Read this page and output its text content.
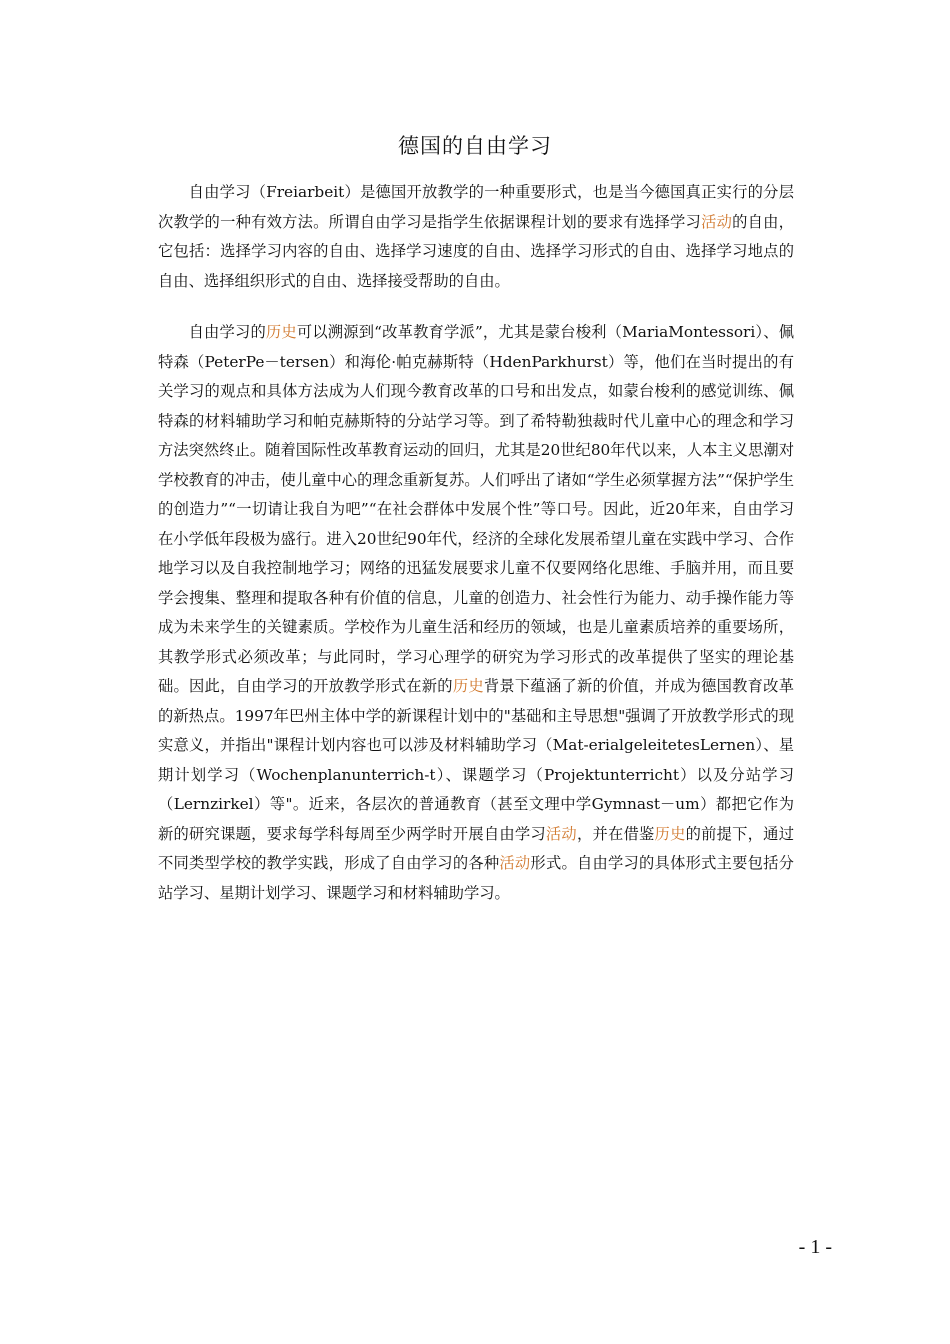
德国的自由学习

自由学习（Freiarbeit）是德国开放教学的一种重要形式，也是当今德国真正实行的分层次教学的一种有效方法。所谓自由学习是指学生依据课程计划的要求有选择学习活动的自由，它包括：选择学习内容的自由、选择学习速度的自由、选择学习形式的自由、选择学习地点的自由、选择组织形式的自由、选择接受帮助的自由。

自由学习的历史可以溯源到“改革教育学派”，尤其是蒙台梭利（MariaMontessori）、佩特森（PeterPe－tersen）和海伦·帕克赫斯特（HdenParkhurst）等，他们在当时提出的有关学习的观点和具体方法成为人们现今教育改革的口号和出发点，如蒙台梭利的感觉训练、佩特森的材料辅助学习和帕克赫斯特的分站学习等。到了希特勒独裁时代儿童中心的理念和学习方法突然终止。随着国际性改革教育运动的回归，尤其是20世纪80年代以来，人本主义思潮对学校教育的冲击，使儿童中心的理念重新复苏。人们呼出了诸如“学生必须掌握方法”“保护学生的创造力”“一切请让我自为吧”“在社会群体中发展个性”等口号。因此，近20年来，自由学习在小学低年段极为盛行。进入20世纪90年代，经济的全球化发展希望儿童在实践中学习、合作地学习以及自我控制地学习；网络的迅猛发展要求儿童不仅要网络化思维、手脑并用，而且要学会搜集、整理和提取各种有价值的信息，儿童的创造力、社会性行为能力、动手操作能力等成为未来学生的关键素质。学校作为儿童生活和经历的领域，也是儿童素质培养的重要场所，其教学形式必须改革；与此同时，学习心理学的研究为学习形式的改革提供了坚实的理论基础。因此，自由学习的开放教学形式在新的历史背景下蕴涵了新的价值，并成为德国教育改革的新热点。1997年巴州主体中学的新课程计划中的"基础和主导思想"强调了开放教学形式的现实意义，并指出"课程计划内容也可以涉及材料辅助学习（Mat-erialgeleitetesLernen）、星期计划学习（Wochenplanunterrich-t）、课题学习（Projektunterricht）以及分站学习（Lernzirkel）等"。近来，各层次的普通教育（甚至文理中学Gymnast－um）都把它作为新的研究课题，要求每学科每周至少两学时开展自由学习活动，并在借鉴历史的前提下，通过不同类型学校的教学实践，形成了自由学习的各种活动形式。自由学习的具体形式主要包括分站学习、星期计划学习、课题学习和材料辅助学习。

- 1 -
